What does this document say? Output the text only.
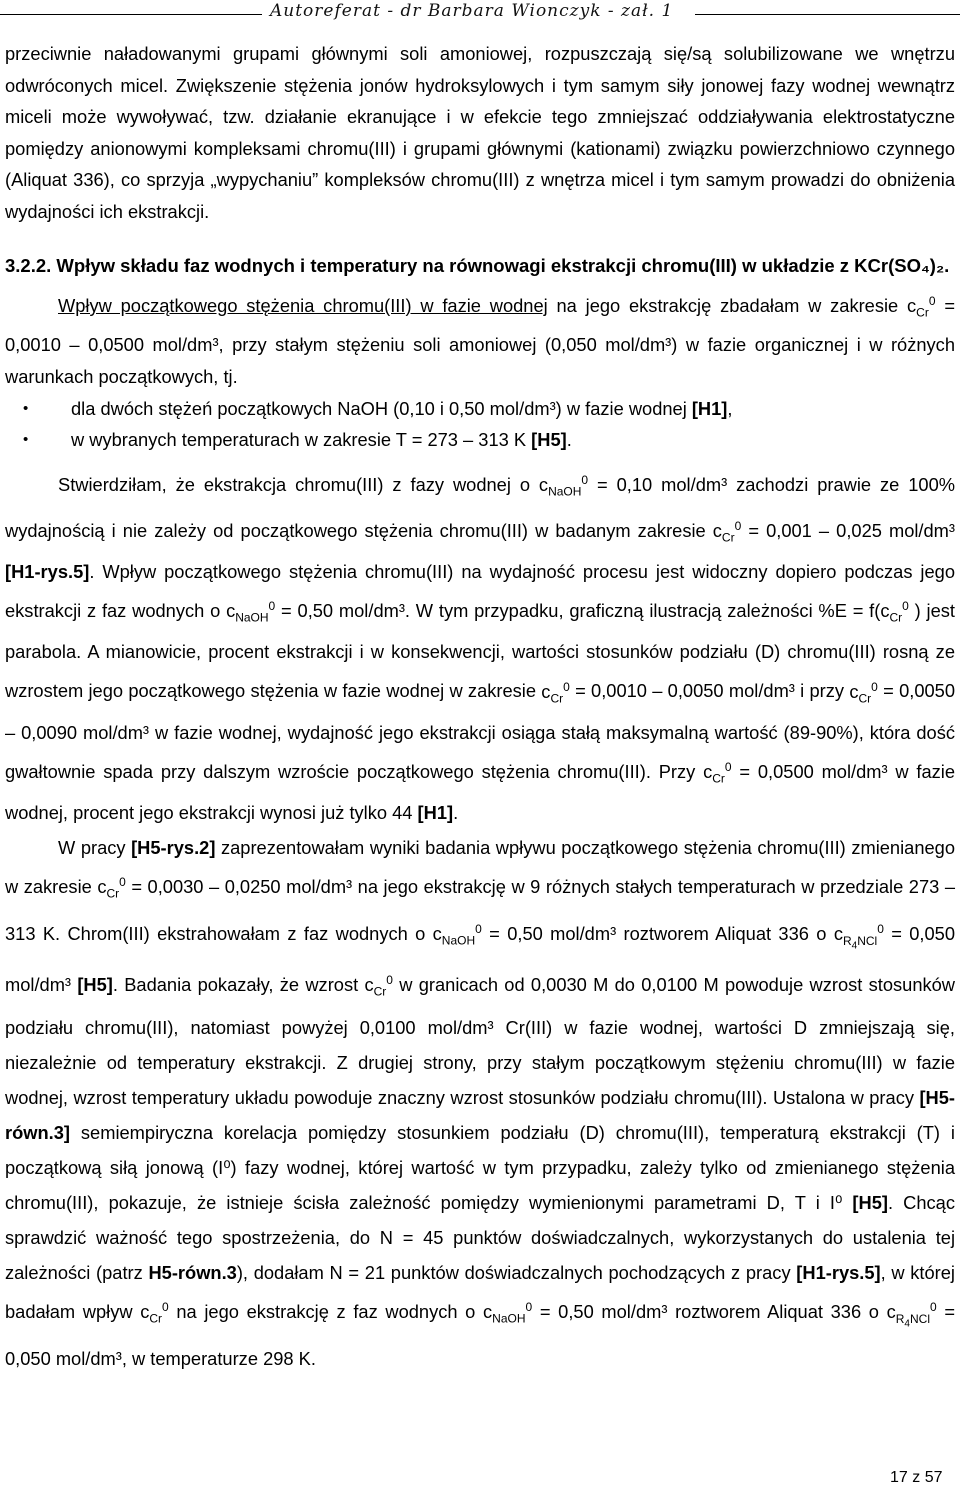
Autoreferat - dr Barbara Wionczyk - zał. 1

przeciwnie naładowanymi grupami głównymi soli amoniowej, rozpuszczają się/są solubilizowane we wnętrzu odwróconych micel. Zwiększenie stężenia jonów hydroksylowych i tym samym siły jonowej fazy wodnej wewnątrz miceli może wywoływać, tzw. działanie ekranujące i w efekcie tego zmniejszać oddziaływania elektrostatyczne pomiędzy anionowymi kompleksami chromu(III) i grupami głównymi (kationami) związku powierzchniowo czynnego (Aliquat 336), co sprzyja „wypychaniu” kompleksów chromu(III) z wnętrza micel i tym samym prowadzi do obniżenia wydajności ich ekstrakcji.

3.2.2. Wpływ składu faz wodnych i temperatury na równowagi ekstrakcji chromu(III) w układzie z KCr(SO₄)₂.

Wpływ początkowego stężenia chromu(III) w fazie wodnej na jego ekstrakcję zbadałam w zakresie $c_{Cr}^0 = 0,0010 - 0,0500$ mol/dm³, przy stałym stężeniu soli amoniowej (0,050 mol/dm³) w fazie organicznej i w różnych warunkach początkowych, tj.

• dla dwóch stężeń początkowych NaOH (0,10 i 0,50 mol/dm³) w fazie wodnej [H1],
• w wybranych temperaturach w zakresie T = 273 – 313 K [H5].

Stwierdziłam, że ekstrakcja chromu(III) z fazy wodnej o $c_{NaOH}^0 = 0,10$ mol/dm³ zachodzi prawie ze 100% wydajnością i nie zależy od początkowego stężenia chromu(III) w badanym zakresie $c_{Cr}^0 = 0,001 - 0,025$ mol/dm³ [H1-rys.5]. Wpływ początkowego stężenia chromu(III) na wydajność procesu jest widoczny dopiero podczas jego ekstrakcji z faz wodnych o $c_{NaOH}^0 = 0,50$ mol/dm³. W tym przypadku, graficzną ilustracją zależności $\%E = f(c_{Cr}^0$ ) jest parabola. A mianowicie, procent ekstrakcji i w konsekwencji, wartości stosunków podziału (D) chromu(III) rosną ze wzrostem jego początkowego stężenia w fazie wodnej w zakresie $c_{Cr}^0 = 0,0010 - 0,0050$ mol/dm³ i przy $c_{Cr}^0 = 0,0050 - 0,0090$ mol/dm³ w fazie wodnej, wydajność jego ekstrakcji osiąga stałą maksymalną wartość (89-90%), która dość gwałtownie spada przy dalszym wzroście początkowego stężenia chromu(III). Przy $c_{Cr}^0 = 0,0500$ mol/dm³ w fazie wodnej, procent jego ekstrakcji wynosi już tylko 44 [H1].

W pracy [H5-rys.2] zaprezentowałam wyniki badania wpływu początkowego stężenia chromu(III) zmienianego w zakresie $c_{Cr}^0 = 0,0030 - 0,0250$ mol/dm³ na jego ekstrakcję w 9 różnych stałych temperaturach w przedziale 273 – 313 K. Chrom(III) ekstrahowałam z faz wodnych o $c_{NaOH}^0 = 0,50$ mol/dm³ roztworem Aliquat 336 o $c_{R_4NCl}^0 = 0,050$ mol/dm³ [H5]. Badania pokazały, że wzrost $c_{Cr}^0$ w granicach od 0,0030 M do 0,0100 M powoduje wzrost stosunków podziału chromu(III), natomiast powyżej 0,0100 mol/dm³ Cr(III) w fazie wodnej, wartości D zmniejszają się, niezależnie od temperatury ekstrakcji. Z drugiej strony, przy stałym początkowym stężeniu chromu(III) w fazie wodnej, wzrost temperatury układu powoduje znaczny wzrost stosunków podziału chromu(III). Ustalona w pracy [H5-równ.3] semiempiryczna korelacja pomiędzy stosunkiem podziału (D) chromu(III), temperaturą ekstrakcji (T) i początkową siłą jonową (I⁰) fazy wodnej, której wartość w tym przypadku, zależy tylko od zmienianego stężenia chromu(III), pokazuje, że istnieje ścisła zależność pomiędzy wymienionymi parametrami D, T i I⁰ [H5]. Chcąc sprawdzić ważność tego spostrzeżenia, do N = 45 punktów doświadczalnych, wykorzystanych do ustalenia tej zależności (patrz H5-równ.3), dodałam N = 21 punktów doświadczalnych pochodzących z pracy [H1-rys.5], w której badałam wpływ $c_{Cr}^0$ na jego ekstrakcję z faz wodnych o $c_{NaOH}^0 = 0,50$ mol/dm³ roztworem Aliquat 336 o $c_{R_4NCl}^0 = 0,050$ mol/dm³, w temperaturze 298 K.

17 z 57
